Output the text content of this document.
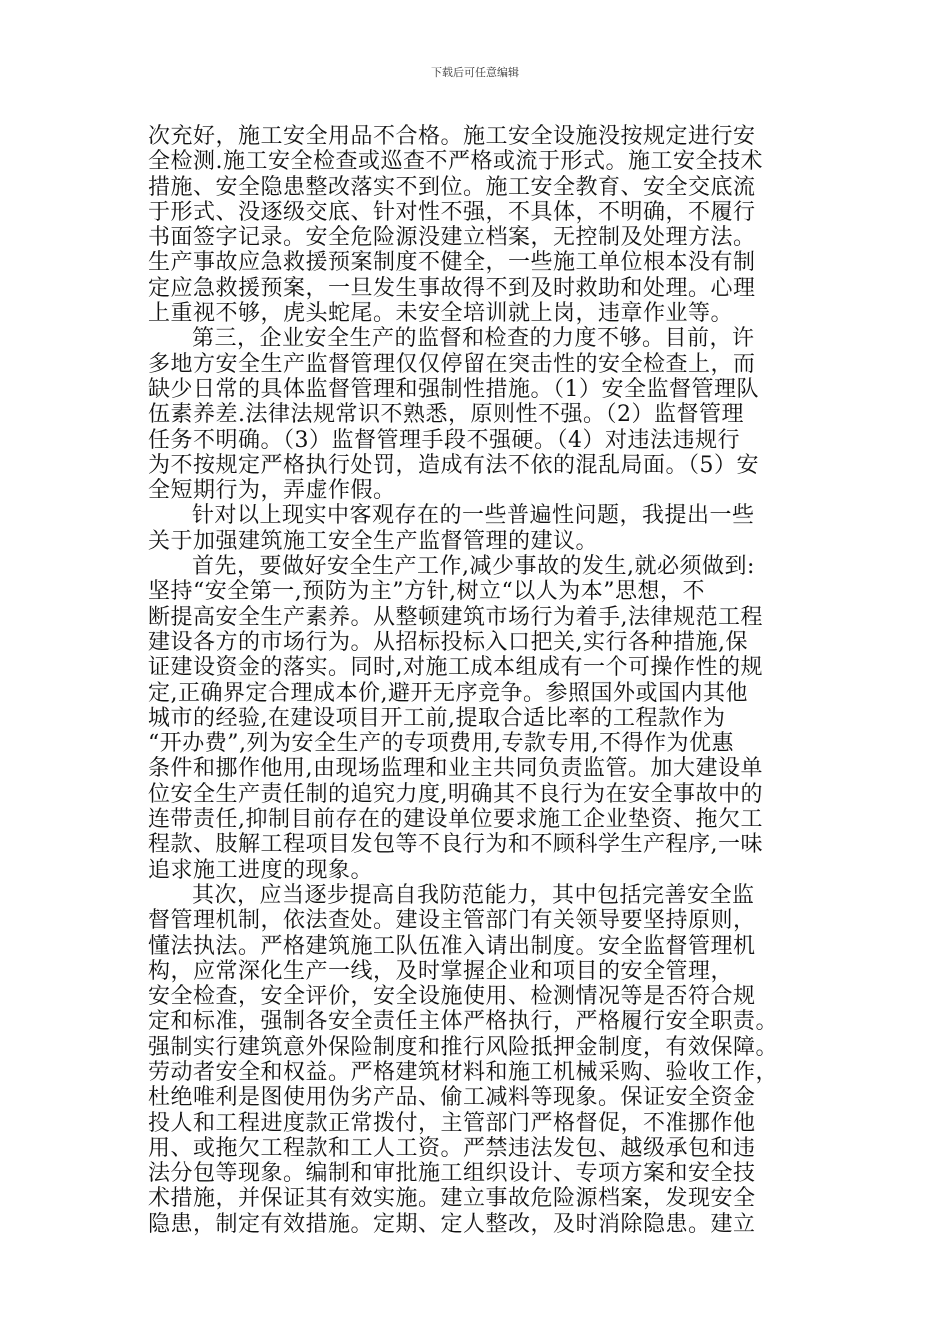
下载后可任意编辑
次充好，施工安全用品不合格。施工安全设施没按规定进行安
全检测.施工安全检查或巡查不严格或流于形式。施工安全技术
措施、安全隐患整改落实不到位。施工安全教育、安全交底流
于形式、没逐级交底、针对性不强，不具体，不明确，不履行
书面签字记录。安全危险源没建立档案，无控制及处理方法。
生产事故应急救援预案制度不健全，一些施工单位根本没有制
定应急救援预案，一旦发生事故得不到及时救助和处理。心理
上重视不够，虎头蛇尾。未安全培训就上岗，违章作业等。
第三，企业安全生产的监督和检查的力度不够。目前，许
多地方安全生产监督管理仅仅停留在突击性的安全检查上，而
缺少日常的具体监督管理和强制性措施。（1）安全监督管理队
伍素养差.法律法规常识不熟悉，原则性不强。（2）监督管理
任务不明确。（3）监督管理手段不强硬。（4）对违法违规行
为不按规定严格执行处罚，造成有法不依的混乱局面。（5）安
全短期行为，弄虚作假。
针对以上现实中客观存在的一些普遍性问题，我提出一些
关于加强建筑施工安全生产监督管理的建议。
首先，要做好安全生产工作,减少事故的发生,就必须做到:
坚持“安全第一,预防为主”方针,树立“以人为本”思想，不
断提高安全生产素养。从整顿建筑市场行为着手,法律规范工程
建设各方的市场行为。从招标投标入口把关,实行各种措施,保
证建设资金的落实。同时,对施工成本组成有一个可操作性的规
定,正确界定合理成本价,避开无序竞争。参照国外或国内其他
城市的经验,在建设项目开工前,提取合适比率的工程款作为
“开办费”,列为安全生产的专项费用,专款专用,不得作为优惠
条件和挪作他用,由现场监理和业主共同负责监管。加大建设单
位安全生产责任制的追究力度,明确其不良行为在安全事故中的
连带责任,抑制目前存在的建设单位要求施工企业垫资、拖欠工
程款、肢解工程项目发包等不良行为和不顾科学生产程序,一味
追求施工进度的现象。
其次，应当逐步提高自我防范能力，其中包括完善安全监
督管理机制，依法查处。建设主管部门有关领导要坚持原则，
懂法执法。严格建筑施工队伍准入请出制度。安全监督管理机
构，应常深化生产一线，及时掌握企业和项目的安全管理，
安全检查，安全评价，安全设施使用、检测情况等是否符合规
定和标准，强制各安全责任主体严格执行，严格履行安全职责。
强制实行建筑意外保险制度和推行风险抵押金制度，有效保障。
劳动者安全和权益。严格建筑材料和施工机械采购、验收工作，
杜绝唯利是图使用伪劣产品、偷工减料等现象。保证安全资金
投人和工程进度款正常拨付，主管部门严格督促，不准挪作他
用、或拖欠工程款和工人工资。严禁违法发包、越级承包和违
法分包等现象。编制和审批施工组织设计、专项方案和安全技
术措施，并保证其有效实施。建立事故危险源档案，发现安全
隐患，制定有效措施。定期、定人整改，及时消除隐患。建立
